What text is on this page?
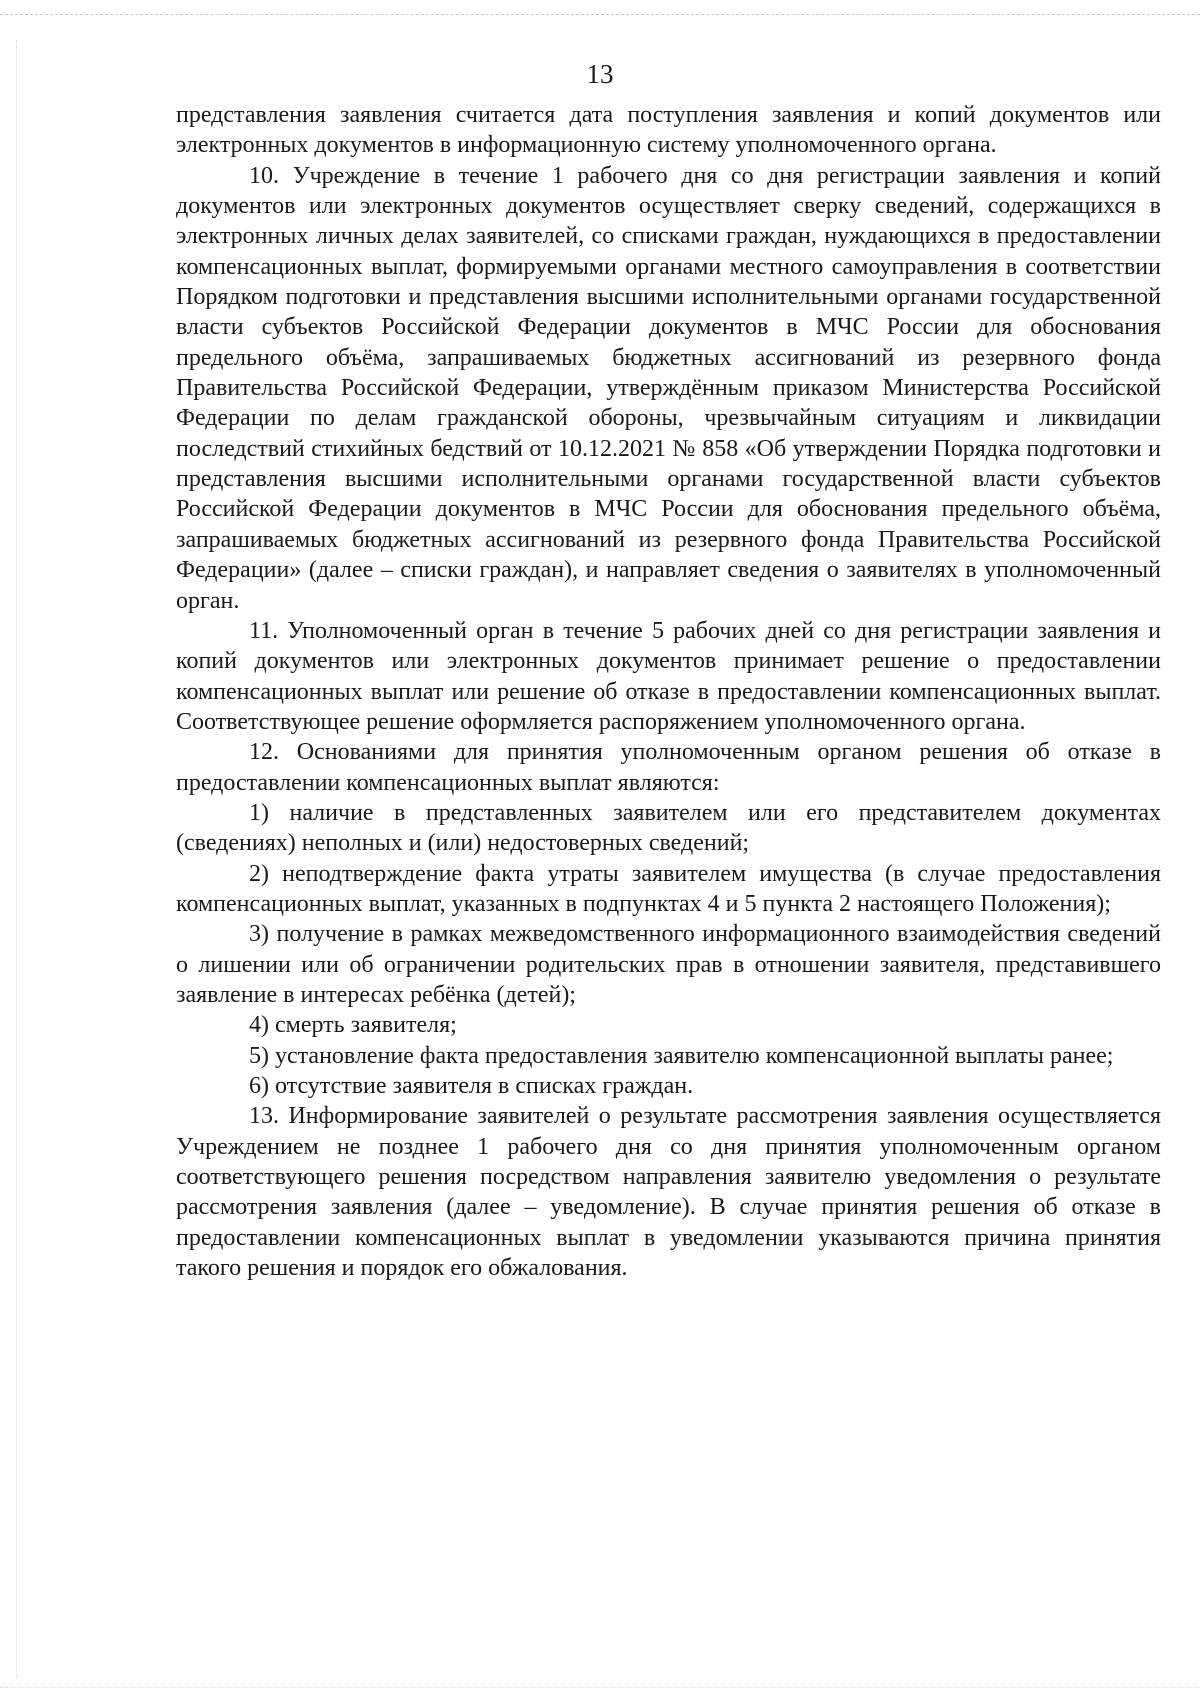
13

представления заявления считается дата поступления заявления и копий документов или электронных документов в информационную систему уполномоченного органа.

10. Учреждение в течение 1 рабочего дня со дня регистрации заявления и копий документов или электронных документов осуществляет сверку сведений, содержащихся в электронных личных делах заявителей, со списками граждан, нуждающихся в предоставлении компенсационных выплат, формируемыми органами местного самоуправления в соответствии Порядком подготовки и представления высшими исполнительными органами государственной власти субъектов Российской Федерации документов в МЧС России для обоснования предельного объёма, запрашиваемых бюджетных ассигнований из резервного фонда Правительства Российской Федерации, утверждённым приказом Министерства Российской Федерации по делам гражданской обороны, чрезвычайным ситуациям и ликвидации последствий стихийных бедствий от 10.12.2021 № 858 «Об утверждении Порядка подготовки и представления высшими исполнительными органами государственной власти субъектов Российской Федерации документов в МЧС России для обоснования предельного объёма, запрашиваемых бюджетных ассигнований из резервного фонда Правительства Российской Федерации» (далее – списки граждан), и направляет сведения о заявителях в уполномоченный орган.

11. Уполномоченный орган в течение 5 рабочих дней со дня регистрации заявления и копий документов или электронных документов принимает решение о предоставлении компенсационных выплат или решение об отказе в предоставлении компенсационных выплат. Соответствующее решение оформляется распоряжением уполномоченного органа.

12. Основаниями для принятия уполномоченным органом решения об отказе в предоставлении компенсационных выплат являются:

1) наличие в представленных заявителем или его представителем документах (сведениях) неполных и (или) недостоверных сведений;

2) неподтверждение факта утраты заявителем имущества (в случае предоставления компенсационных выплат, указанных в подпунктах 4 и 5 пункта 2 настоящего Положения);

3) получение в рамках межведомственного информационного взаимодействия сведений о лишении или об ограничении родительских прав в отношении заявителя, представившего заявление в интересах ребёнка (детей);

4) смерть заявителя;

5) установление факта предоставления заявителю компенсационной выплаты ранее;

6) отсутствие заявителя в списках граждан.

13. Информирование заявителей о результате рассмотрения заявления осуществляется Учреждением не позднее 1 рабочего дня со дня принятия уполномоченным органом соответствующего решения посредством направления заявителю уведомления о результате рассмотрения заявления (далее – уведомление). В случае принятия решения об отказе в предоставлении компенсационных выплат в уведомлении указываются причина принятия такого решения и порядок его обжалования.
